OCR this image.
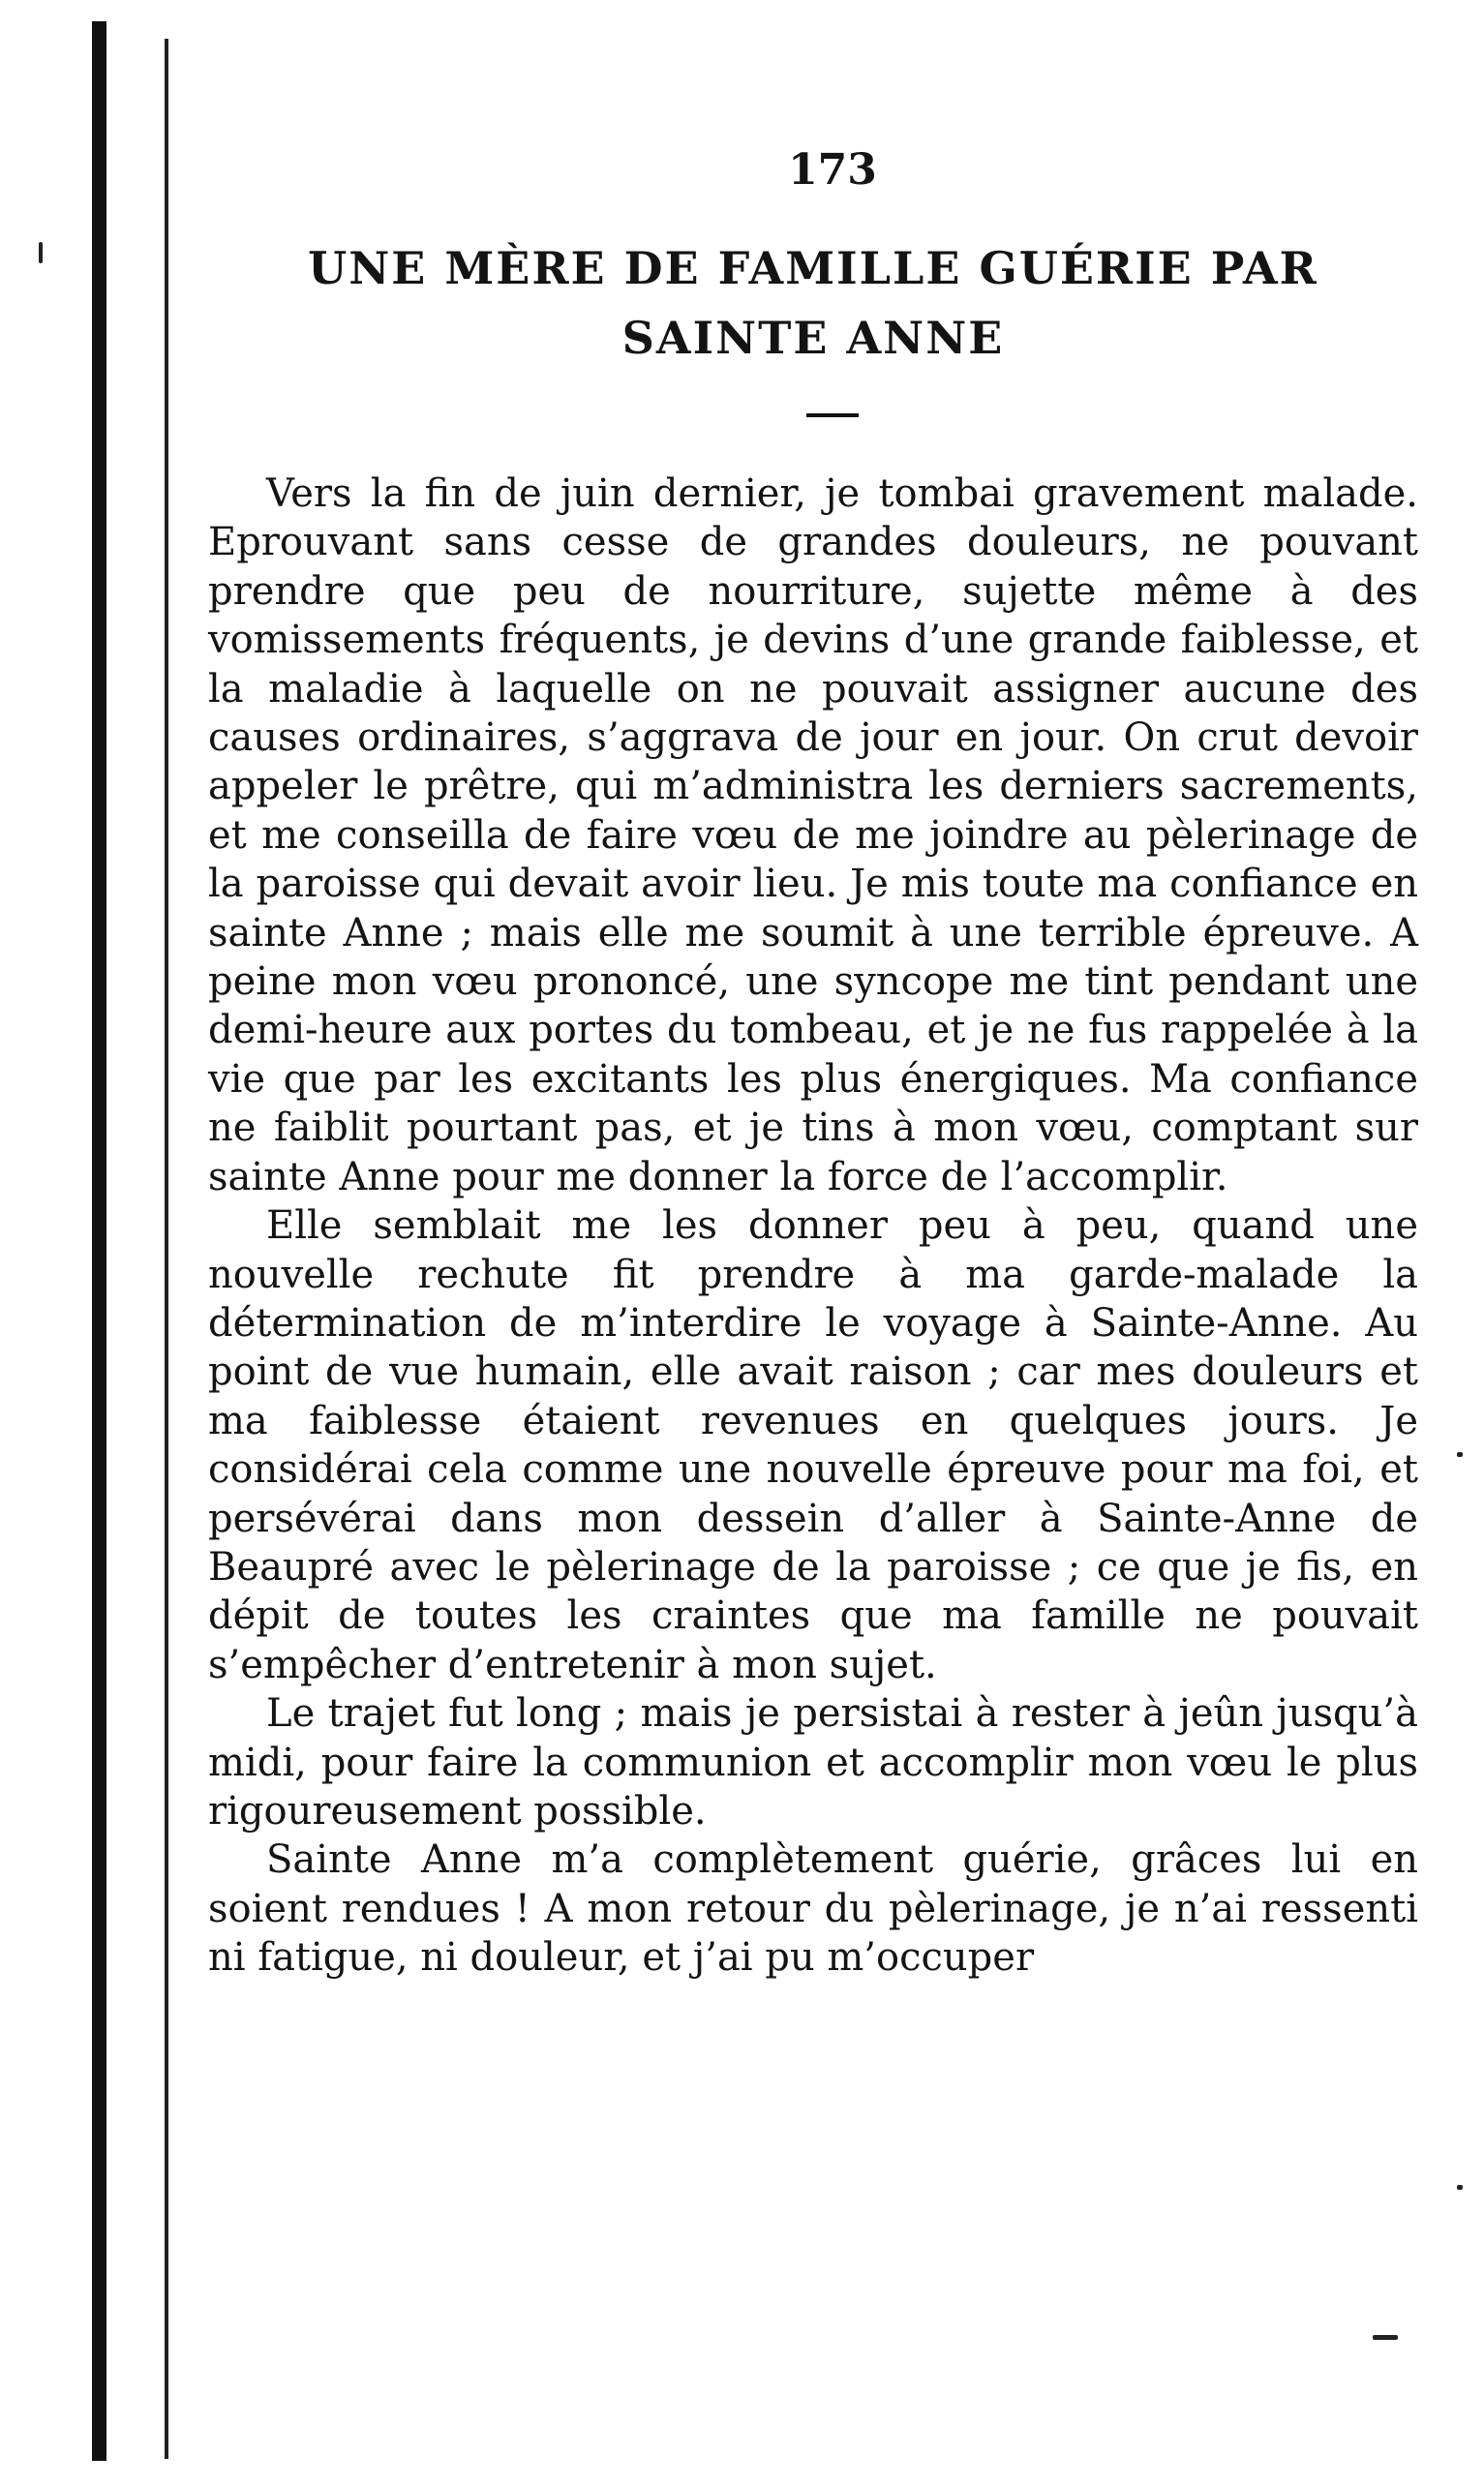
173
UNE MÈRE DE FAMILLE GUÉRIE PAR
SAINTE ANNE

Vers la fin de juin dernier, je tombai gravement malade. Eprouvant sans cesse de grandes douleurs, ne pouvant prendre que peu de nourriture, sujette même à des vomissements fréquents, je devins d’une grande faiblesse, et la maladie à laquelle on ne pouvait assigner aucune des causes ordinaires, s’aggrava de jour en jour. On crut devoir appeler le prêtre, qui m’administra les derniers sacrements, et me conseilla de faire vœu de me joindre au pèlerinage de la paroisse qui devait avoir lieu. Je mis toute ma confiance en sainte Anne ; mais elle me soumit à une terrible épreuve. A peine mon vœu prononcé, une syncope me tint pendant une demi-heure aux portes du tombeau, et je ne fus rappelée à la vie que par les excitants les plus énergiques. Ma confiance ne faiblit pourtant pas, et je tins à mon vœu, comptant sur sainte Anne pour me donner la force de l’accomplir.

Elle semblait me les donner peu à peu, quand une nouvelle rechute fit prendre à ma garde-malade la détermination de m’interdire le voyage à Sainte-Anne. Au point de vue humain, elle avait raison ; car mes douleurs et ma faiblesse étaient revenues en quelques jours. Je considérai cela comme une nouvelle épreuve pour ma foi, et persévérai dans mon dessein d’aller à Sainte-Anne de Beaupré avec le pèlerinage de la paroisse ; ce que je fis, en dépit de toutes les craintes que ma famille ne pouvait s’empêcher d’entretenir à mon sujet.

Le trajet fut long ; mais je persistai à rester à jeûn jusqu’à midi, pour faire la communion et accomplir mon vœu le plus rigoureusement possible.

Sainte Anne m’a complètement guérie, grâces lui en soient rendues ! A mon retour du pèlerinage, je n’ai ressenti ni fatigue, ni douleur, et j’ai pu m’occuper
